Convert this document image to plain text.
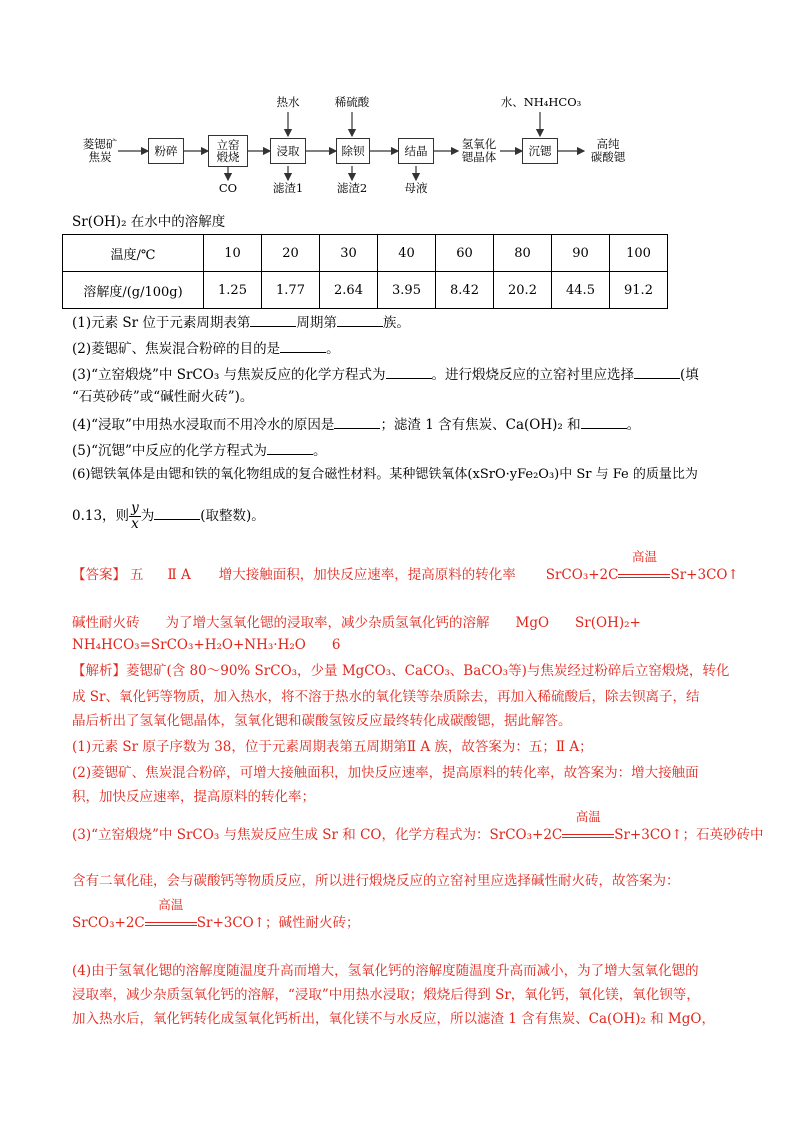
菱锶矿
焦炭	粉碎	立窑
煅烧	浸取	除钡	结晶	氢氧化
锶晶体	沉锶	高纯
碳酸锶
热水	稀硫酸	水、NH₄HCO₃
CO	滤渣1	滤渣2	母液
Sr(OH)₂ 在水中的溶解度
温度/℃	10	20	30	40	60	80	90	100
溶解度/(g/100g)	1.25	1.77	2.64	3.95	8.42	20.2	44.5	91.2
(1)元素 Sr 位于元素周期表第	周期第	族。
(2)菱锶矿、焦炭混合粉碎的目的是	。
(3)“立窑煅烧”中 SrCO₃ 与焦炭反应的化学方程式为	。进行煅烧反应的立窑衬里应选择	(填
“石英砂砖”或“碱性耐火砖”)。
(4)“浸取”中用热水浸取而不用冷水的原因是	；滤渣 1 含有焦炭、Ca(OH)₂ 和	。
(5)“沉锶”中反应的化学方程式为	。
(6)锶铁氧体是由锶和铁的氧化物组成的复合磁性材料。某种锶铁氧体(xSrO·yFe₂O₃)中 Sr 与 Fe 的质量比为
0.13，则 $\frac{y}{x}$ 为	(取整数)。
【答案】 五 Ⅱ A 增大接触面积，加快反应速率，提高原料的转化率 SrCO₃+2C
高温
Sr+3CO↑
碱性耐火砖 为了增大氢氧化锶的浸取率，减少杂质氢氧化钙的溶解 MgO Sr(OH)₂+
NH₄HCO₃=SrCO₃+H₂O+NH₃·H₂O 6
【解析】菱锶矿(含 80～90% SrCO₃，少量 MgCO₃、CaCO₃、BaCO₃等)与焦炭经过粉碎后立窑煅烧，转化
成 Sr、氧化钙等物质，加入热水，将不溶于热水的氧化镁等杂质除去，再加入稀硫酸后，除去钡离子，结
晶后析出了氢氧化锶晶体，氢氧化锶和碳酸氢铵反应最终转化成碳酸锶，据此解答。
(1)元素 Sr 原子序数为 38，位于元素周期表第五周期第Ⅱ A 族，故答案为：五；Ⅱ A；
(2)菱锶矿、焦炭混合粉碎，可增大接触面积，加快反应速率，提高原料的转化率，故答案为：增大接触面
积，加快反应速率，提高原料的转化率；
(3)“立窑煅烧”中 SrCO₃ 与焦炭反应生成 Sr 和 CO，化学方程式为：SrCO₃+2C
高温
Sr+3CO↑；石英砂砖中
含有二氧化硅，会与碳酸钙等物质反应，所以进行煅烧反应的立窑衬里应选择碱性耐火砖，故答案为：
SrCO₃+2C
高温
Sr+3CO↑；碱性耐火砖；
(4)由于氢氧化锶的溶解度随温度升高而增大，氢氧化钙的溶解度随温度升高而减小，为了增大氢氧化锶的
浸取率，减少杂质氢氧化钙的溶解，“浸取”中用热水浸取；煅烧后得到 Sr，氧化钙，氧化镁，氧化钡等，
加入热水后，氧化钙转化成氢氧化钙析出，氧化镁不与水反应，所以滤渣 1 含有焦炭、Ca(OH)₂ 和 MgO，
